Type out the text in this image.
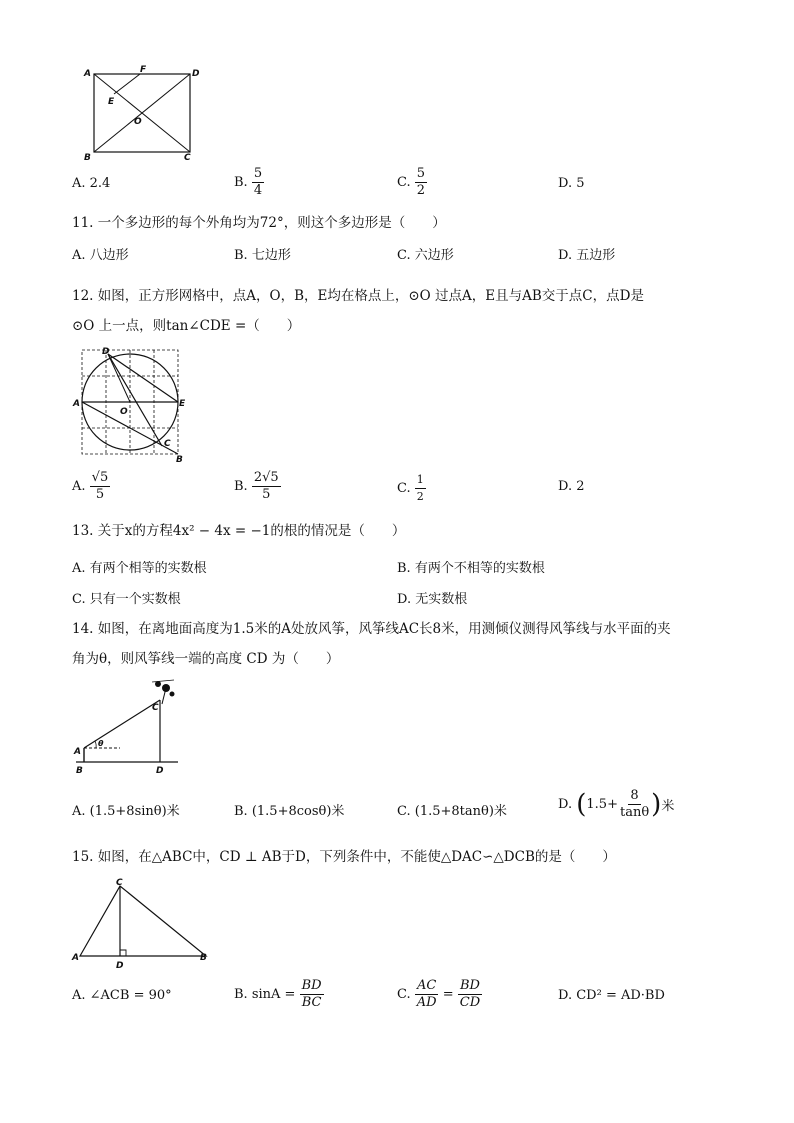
A	F	D
E
O
B	C
A. 2.4	B. $\frac{5}{4}$	C. $\frac{5}{2}$	D. 5
11. 一个多边形的每个外角均为72°，则这个多边形是（　　）
A. 八边形	B. 七边形	C. 六边形	D. 五边形
12. 如图，正方形网格中，点A，O，B，E均在格点上，⊙O 过点A，E且与AB交于点C，点D是
⊙O 上一点，则tan∠CDE =（　　）
D
A
O
E
C
B
A. $\frac{√5}{5}$	B. $\frac{2√5}{5}$	C. $\frac{1}{2}$	D. 2
13. 关于x的方程4x² − 4x = −1的根的情况是（　　）
A. 有两个相等的实数根	B. 有两个不相等的实数根
C. 只有一个实数根	D. 无实数根
14. 如图，在离地面高度为1.5米的A处放风筝，风筝线AC长8米，用测倾仪测得风筝线与水平面的夹
角为θ，则风筝线一端的高度 CD 为（　　）
C
A
θ
B	D
A. (1.5+8sinθ)米	B. (1.5+8cosθ)米	C. (1.5+8tanθ)米	D. ($1.5+ \frac{8}{\tan\theta}$ )米
15. 如图，在△ABC中，CD ⊥ AB于D，下列条件中，不能使△DAC∽△DCB的是（　　）
C
A
D
B
A. ∠ACB = 90°	B. $\sin A = \frac{BD}{BC}$	C. $\frac{AC}{AD} = \frac{BD}{CD}$	D. CD² = AD·BD
